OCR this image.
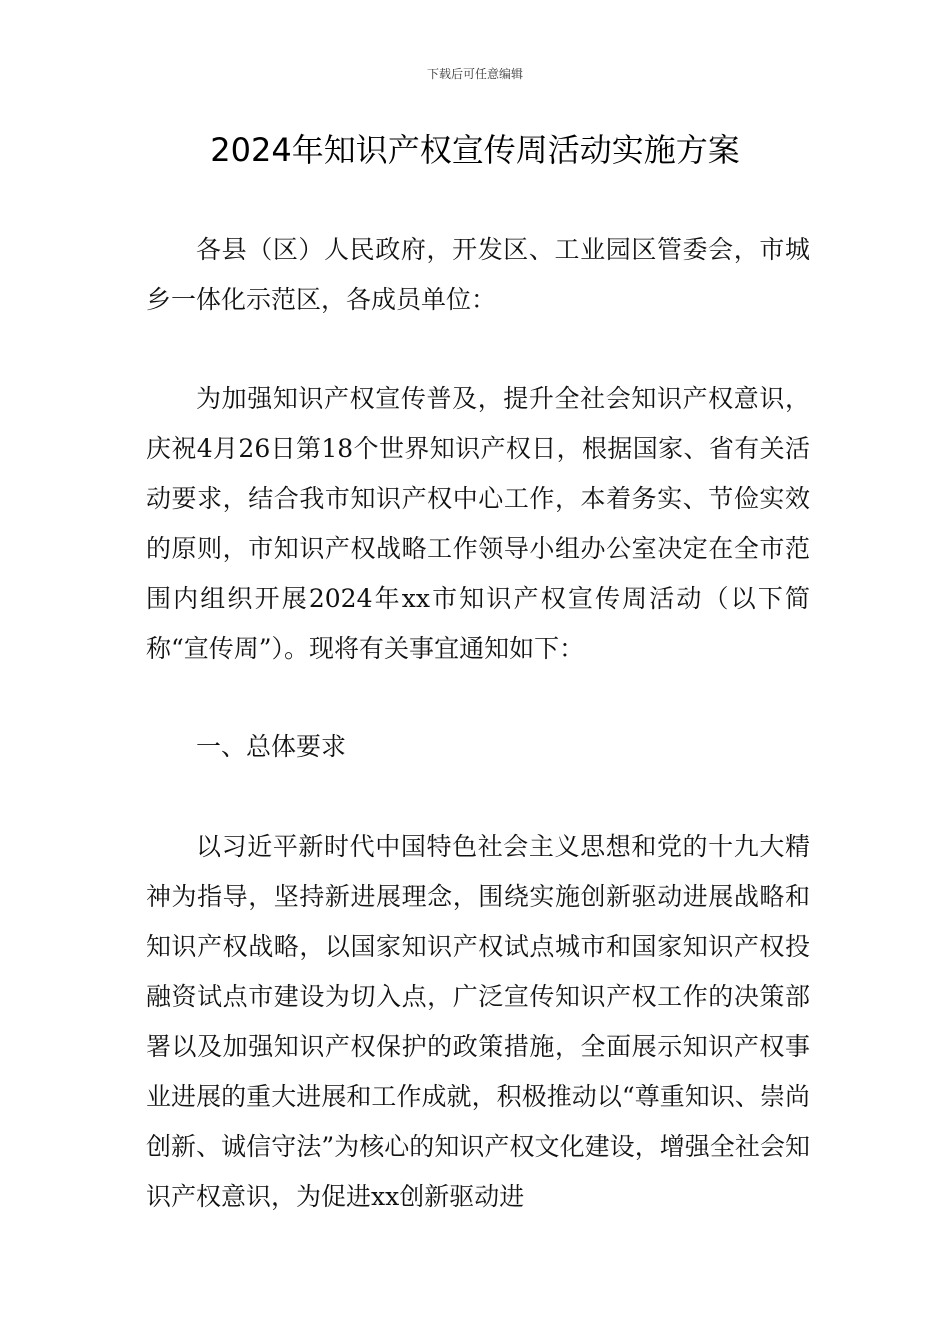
下载后可任意编辑
2024年知识产权宣传周活动实施方案

各县（区）人民政府，开发区、工业园区管委会，市城乡一体化示范区，各成员单位：

为加强知识产权宣传普及，提升全社会知识产权意识，庆祝4月26日第18个世界知识产权日，根据国家、省有关活动要求，结合我市知识产权中心工作，本着务实、节俭实效的原则，市知识产权战略工作领导小组办公室决定在全市范围内组织开展2024年xx市知识产权宣传周活动（以下简称“宣传周”）。现将有关事宜通知如下：

一、总体要求

以习近平新时代中国特色社会主义思想和党的十九大精神为指导，坚持新进展理念，围绕实施创新驱动进展战略和知识产权战略，以国家知识产权试点城市和国家知识产权投融资试点市建设为切入点，广泛宣传知识产权工作的决策部署以及加强知识产权保护的政策措施，全面展示知识产权事业进展的重大进展和工作成就，积极推动以“尊重知识、崇尚创新、诚信守法”为核心的知识产权文化建设，增强全社会知识产权意识，为促进xx创新驱动进
